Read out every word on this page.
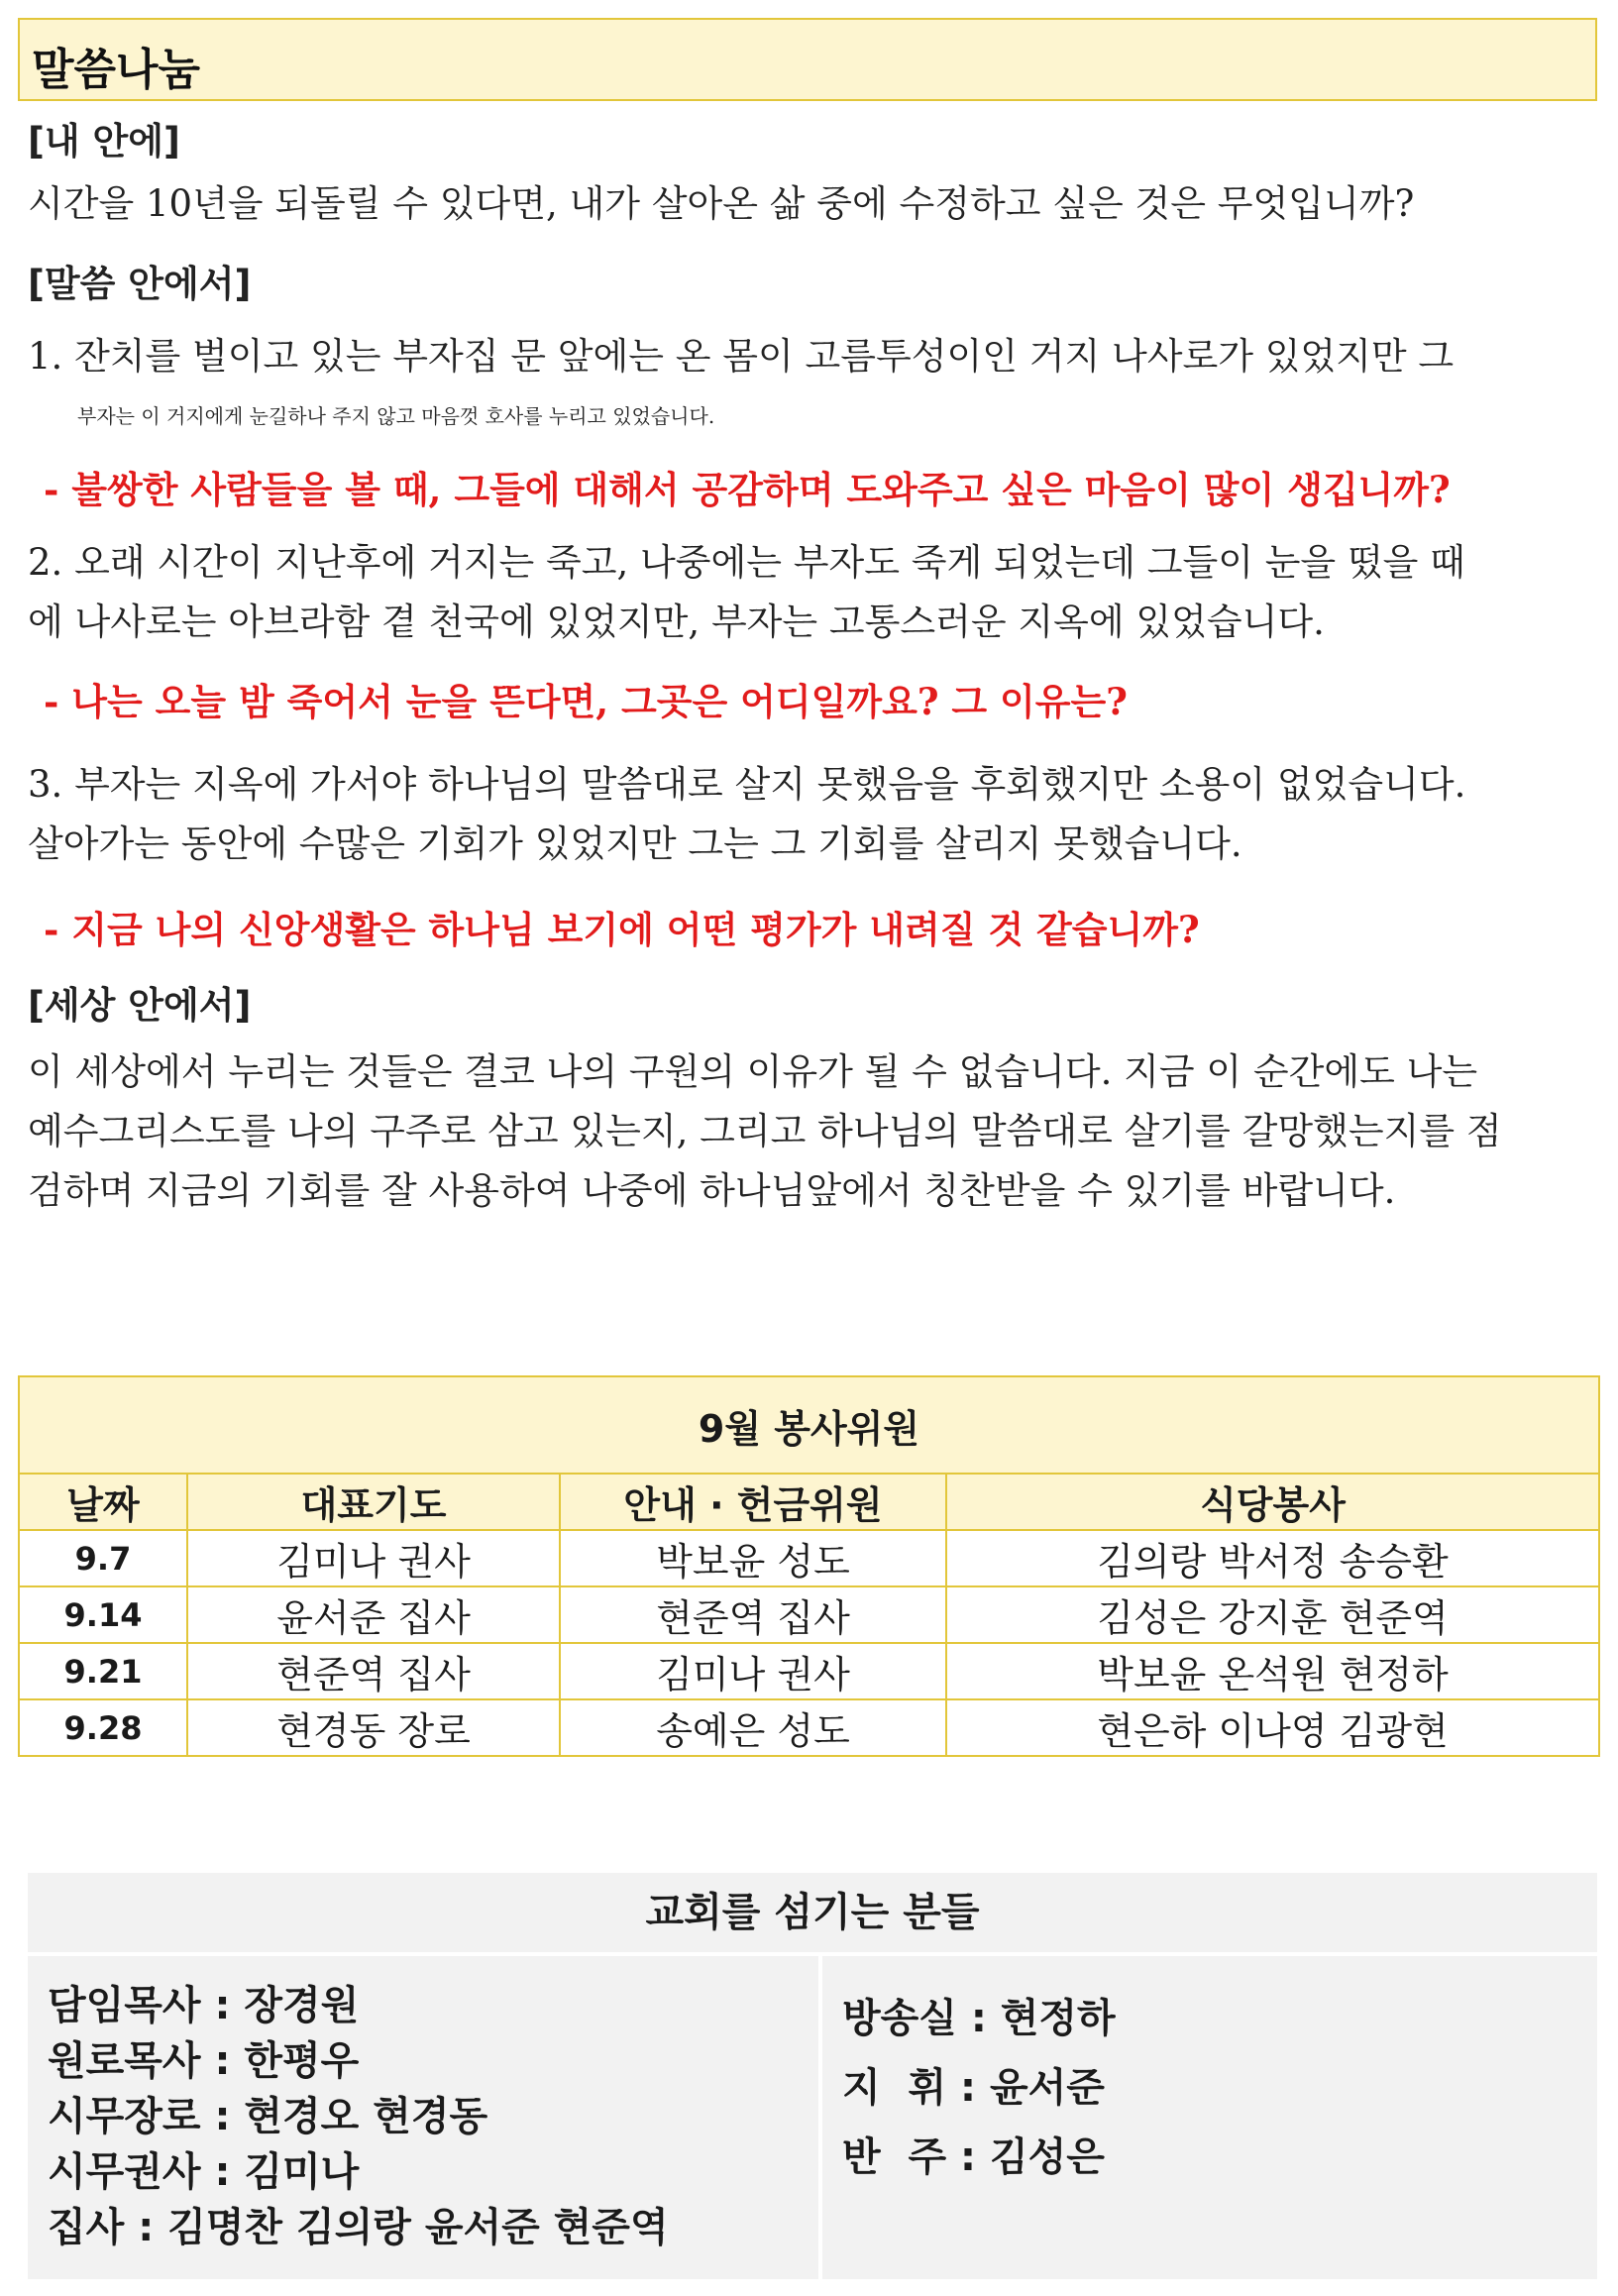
말씀나눔
[내 안에]
시간을 10년을 되돌릴 수 있다면, 내가 살아온 삶 중에 수정하고 싶은 것은 무엇입니까?
[말씀 안에서]
1. 잔치를 벌이고 있는 부자집 문 앞에는 온 몸이 고름투성이인 거지 나사로가 있었지만 그
부자는 이 거지에게 눈길하나 주지 않고 마음껏 호사를 누리고 있었습니다.
- 불쌍한 사람들을 볼 때, 그들에 대해서 공감하며 도와주고 싶은 마음이 많이 생깁니까?
2. 오래 시간이 지난후에 거지는 죽고, 나중에는 부자도 죽게 되었는데 그들이 눈을 떴을 때
에 나사로는 아브라함 곁 천국에 있었지만, 부자는 고통스러운 지옥에 있었습니다.
- 나는 오늘 밤 죽어서 눈을 뜬다면, 그곳은 어디일까요? 그 이유는?
3. 부자는 지옥에 가서야 하나님의 말씀대로 살지 못했음을 후회했지만 소용이 없었습니다.
살아가는 동안에 수많은 기회가 있었지만 그는 그 기회를 살리지 못했습니다.
- 지금 나의 신앙생활은 하나님 보기에 어떤 평가가 내려질 것 같습니까?
[세상 안에서]
이 세상에서 누리는 것들은 결코 나의 구원의 이유가 될 수 없습니다. 지금 이 순간에도 나는
예수그리스도를 나의 구주로 삼고 있는지, 그리고 하나님의 말씀대로 살기를 갈망했는지를 점
검하며 지금의 기회를 잘 사용하여 나중에 하나님앞에서 칭찬받을 수 있기를 바랍니다.
9월 봉사위원			
날짜	대표기도	안내 · 헌금위원	식당봉사
9.7	김미나 권사	박보윤 성도	김의랑 박서정 송승환
9.14	윤서준 집사	현준역 집사	김성은 강지훈 현준역
9.21	현준역 집사	김미나 권사	박보윤 온석원 현정하
9.28	현경동 장로	송예은 성도	현은하 이나영 김광현
교회를 섬기는 분들
담임목사 : 장경원
원로목사 : 한평우
시무장로 : 현경오 현경동
시무권사 : 김미나
집사 : 김명찬 김의랑 윤서준 현준역
방송실 : 현정하
지  휘 : 윤서준
반  주 : 김성은
